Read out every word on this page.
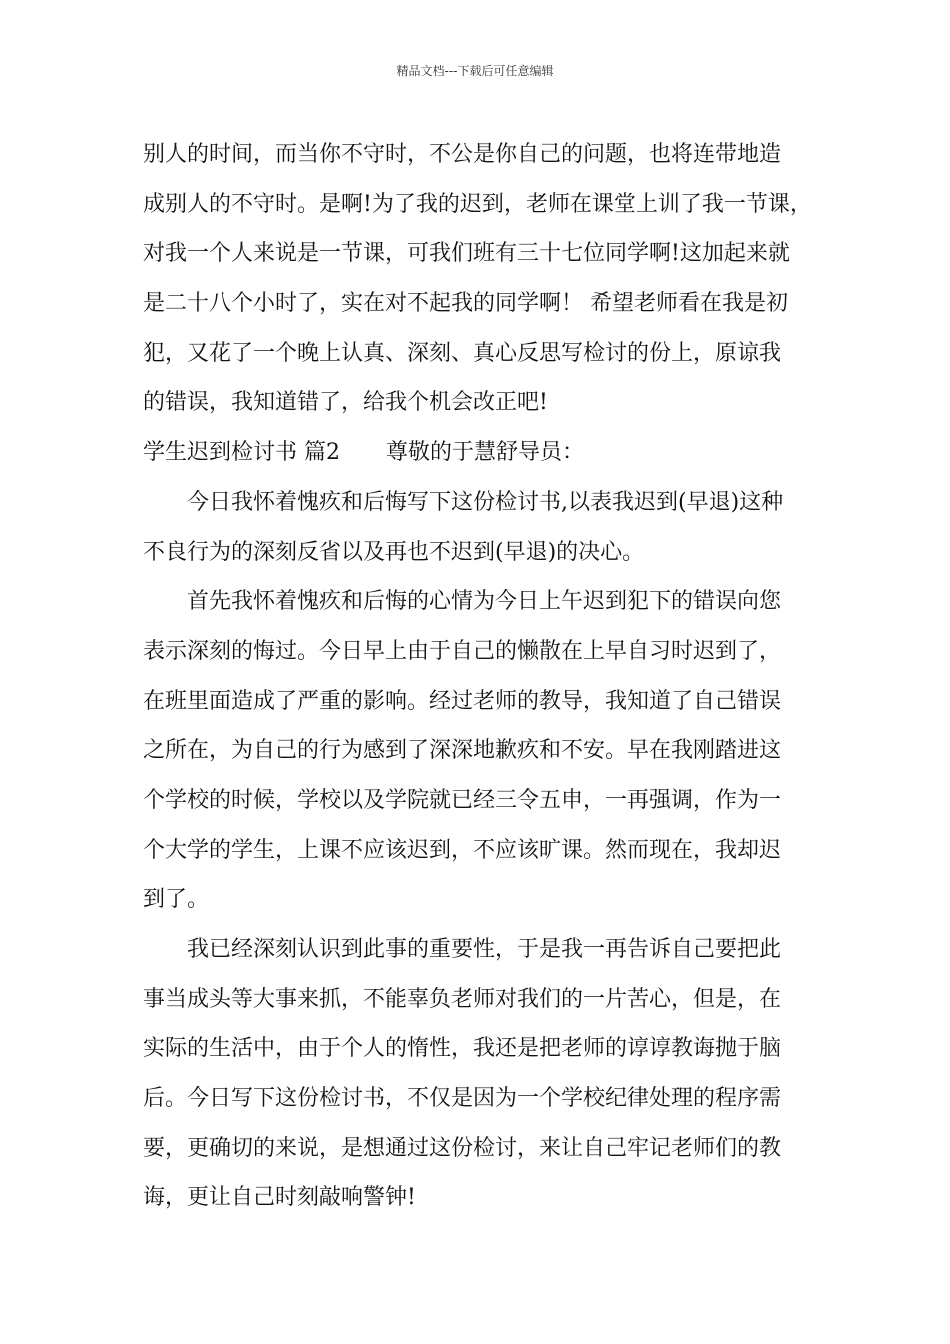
精品文档---下载后可任意编辑
别人的时间，而当你不守时，不公是你自己的问题，也将连带地造
成别人的不守时。是啊!为了我的迟到，老师在课堂上训了我一节课，
对我一个人来说是一节课，可我们班有三十七位同学啊!这加起来就
是二十八个小时了，实在对不起我的同学啊！ 希望老师看在我是初
犯，又花了一个晚上认真、深刻、真心反思写检讨的份上，原谅我
的错误，我知道错了，给我个机会改正吧!
学生迟到检讨书 篇2 尊敬的于慧舒导员：
今日我怀着愧疚和后悔写下这份检讨书,以表我迟到(早退)这种
不良行为的深刻反省以及再也不迟到(早退)的决心。
首先我怀着愧疚和后悔的心情为今日上午迟到犯下的错误向您
表示深刻的悔过。今日早上由于自己的懒散在上早自习时迟到了，
在班里面造成了严重的影响。经过老师的教导，我知道了自己错误
之所在，为自己的行为感到了深深地歉疚和不安。早在我刚踏进这
个学校的时候，学校以及学院就已经三令五申，一再强调，作为一
个大学的学生，上课不应该迟到，不应该旷课。然而现在，我却迟
到了。
我已经深刻认识到此事的重要性，于是我一再告诉自己要把此
事当成头等大事来抓，不能辜负老师对我们的一片苦心，但是，在
实际的生活中，由于个人的惰性，我还是把老师的谆谆教诲抛于脑
后。今日写下这份检讨书，不仅是因为一个学校纪律处理的程序需
要，更确切的来说，是想通过这份检讨，来让自己牢记老师们的教
诲，更让自己时刻敲响警钟!
